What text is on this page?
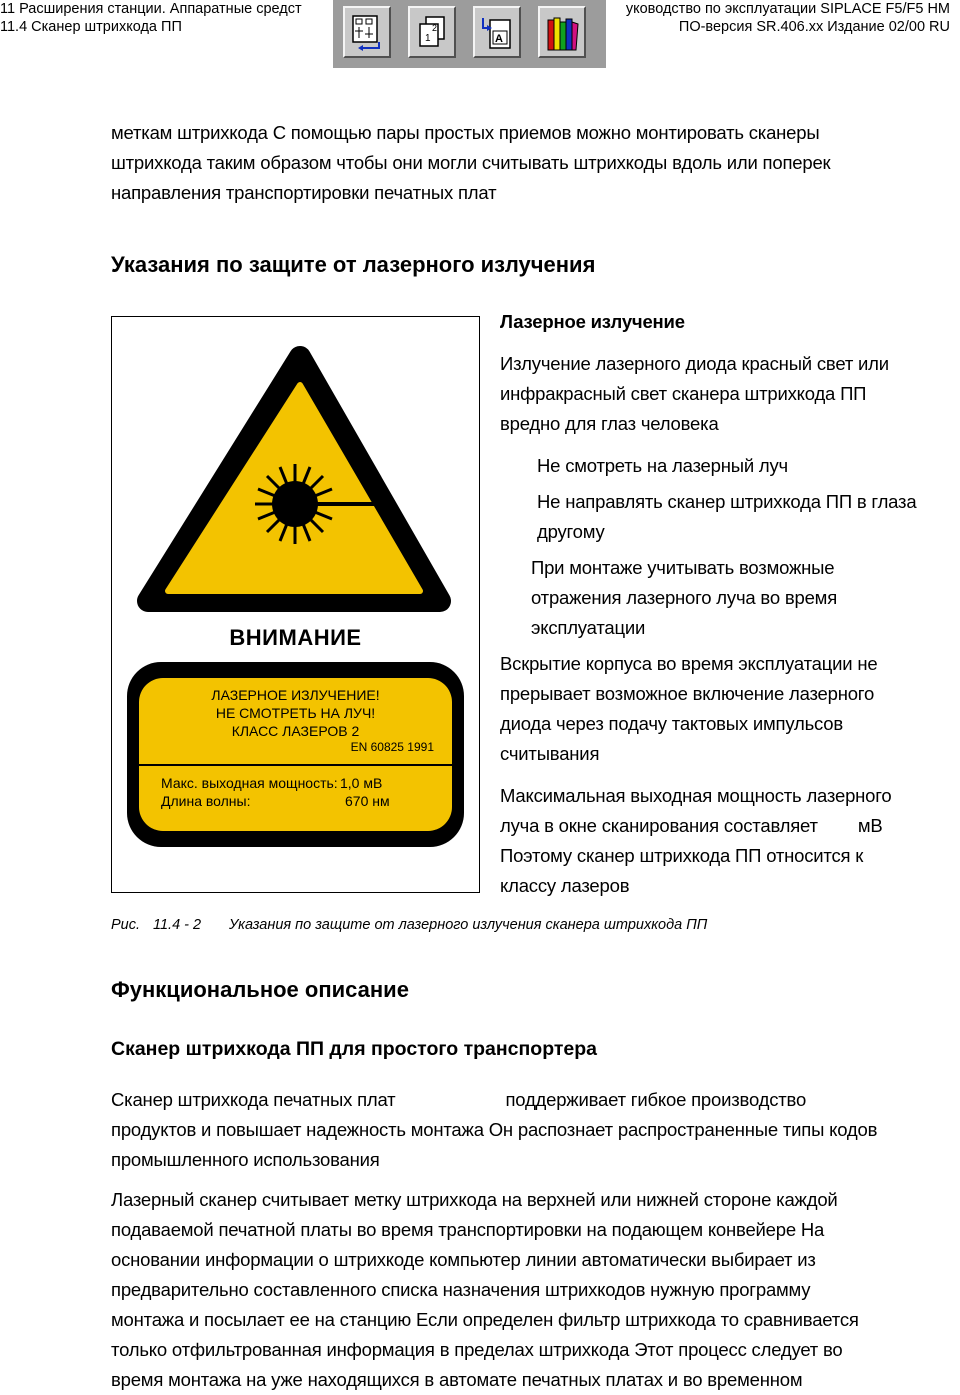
11 Расширения станции. Аппаратные средст
11.4 Сканер штрихкода ПП
уководство по эксплуатации SIPLACE F5/F5 HM
ПО-версия SR.406.xx Издание 02/00 RU
2
1	A
меткам штрихкода С помощью пары простых приемов можно монтировать сканеры
штрихкода таким образом чтобы они могли считывать штрихкоды вдоль или поперек
направления транспортировки печатных плат
Указания по защите от лазерного излучения
ВНИМАНИЕ
ЛАЗЕРНОЕ ИЗЛУЧЕНИЕ!
НЕ СМОТРЕТЬ НА ЛУЧ!
КЛАСС ЛАЗЕРОВ 2
EN 60825 1991
Макс. выходная мощность: 1,0 мВ
Длина волны:	670 нм
Лазерное излучение
Излучение лазерного диода красный свет или
инфракрасный свет сканера штрихкода ПП
вредно для глаз человека
Не смотреть на лазерный луч
Не направлять сканер штрихкода ПП в глаза
другому
При монтаже учитывать возможные
отражения лазерного луча во время
эксплуатации
Вскрытие корпуса во время эксплуатации не
прерывает возможное включение лазерного
диода через подачу тактовых импульсов
считывания
Максимальная выходная мощность лазерного
луча в окне сканирования составляет мВ
Поэтому сканер штрихкода ПП относится к
классу лазеров
Рис. 11.4 - 2 Указания по защите от лазерного излучения сканера штрихкода ПП
Функциональное описание
Сканер штрихкода ПП для простого транспортера
Сканер штрихкода печатных плат	поддерживает гибкое производство
продуктов и повышает надежность монтажа Он распознает распространенные типы кодов
промышленного использования
Лазерный сканер считывает метку штрихкода на верхней или нижней стороне каждой
подаваемой печатной платы во время транспортировки на подающем конвейере На
основании информации о штрихкоде компьютер линии автоматически выбирает из
предварительно составленного списка назначения штрихкодов нужную программу
монтажа и посылает ее на станцию Если определен фильтр штрихкода то сравнивается
только отфильтрованная информация в пределах штрихкода Этот процесс следует во
время монтажа на уже находящихся в автомате печатных платах и во временном
